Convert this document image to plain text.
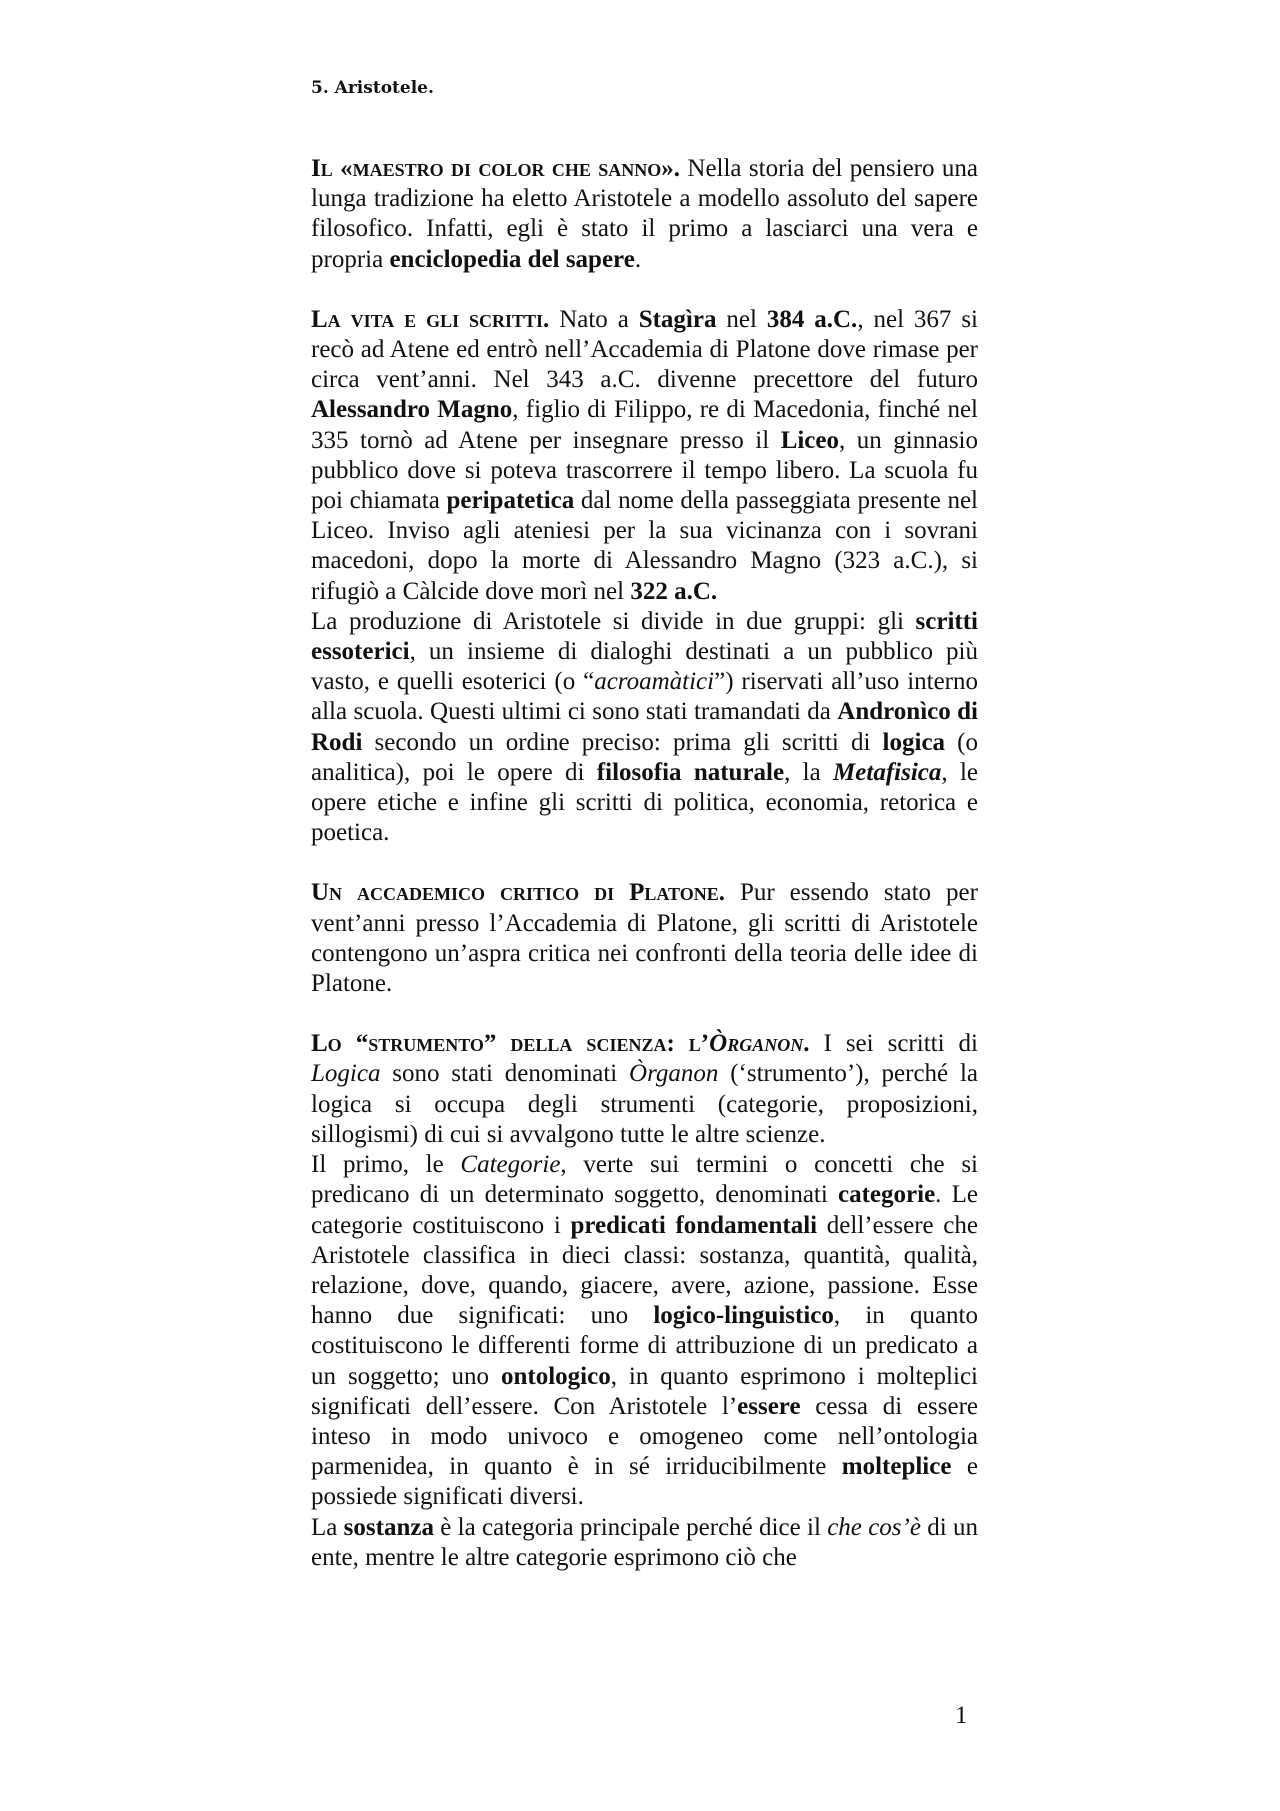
5. Aristotele.

Il «maestro di color che sanno». Nella storia del pensiero una lunga tradizione ha eletto Aristotele a modello assoluto del sapere filosofico. Infatti, egli è stato il primo a lasciarci una vera e propria enciclopedia del sapere.

La vita e gli scritti. Nato a Stagìra nel 384 a.C., nel 367 si recò ad Atene ed entrò nell’Accademia di Platone dove rimase per circa vent’anni. Nel 343 a.C. divenne precettore del futuro Alessandro Magno, figlio di Filippo, re di Macedonia, finché nel 335 tornò ad Atene per insegnare presso il Liceo, un ginnasio pubblico dove si poteva trascorrere il tempo libero. La scuola fu poi chiamata peripatetica dal nome della passeggiata presente nel Liceo. Inviso agli ateniesi per la sua vicinanza con i sovrani macedoni, dopo la morte di Alessandro Magno (323 a.C.), si rifugiò a Càlcide dove morì nel 322 a.C.

La produzione di Aristotele si divide in due gruppi: gli scritti essoterici, un insieme di dialoghi destinati a un pubblico più vasto, e quelli esoterici (o “acroamàtici”) riservati all’uso interno alla scuola. Questi ultimi ci sono stati tramandati da Andronìco di Rodi secondo un ordine preciso: prima gli scritti di logica (o analitica), poi le opere di filosofia naturale, la Metafisica, le opere etiche e infine gli scritti di politica, economia, retorica e poetica.

Un accademico critico di Platone. Pur essendo stato per vent’anni presso l’Accademia di Platone, gli scritti di Aristotele contengono un’aspra critica nei confronti della teoria delle idee di Platone.

Lo “strumento” della scienza: l’Òrganon. I sei scritti di Logica sono stati denominati Òrganon (‘strumento’), perché la logica si occupa degli strumenti (categorie, proposizioni, sillogismi) di cui si avvalgono tutte le altre scienze.

Il primo, le Categorie, verte sui termini o concetti che si predicano di un determinato soggetto, denominati categorie. Le categorie costituiscono i predicati fondamentali dell’essere che Aristotele classifica in dieci classi: sostanza, quantità, qualità, relazione, dove, quando, giacere, avere, azione, passione. Esse hanno due significati: uno logico-linguistico, in quanto costituiscono le differenti forme di attribuzione di un predicato a un soggetto; uno ontologico, in quanto esprimono i molteplici significati dell’essere. Con Aristotele l’essere cessa di essere inteso in modo univoco e omogeneo come nell’ontologia parmenidea, in quanto è in sé irriducibilmente molteplice e possiede significati diversi.

La sostanza è la categoria principale perché dice il che cos’è di un ente, mentre le altre categorie esprimono ciò che

1
